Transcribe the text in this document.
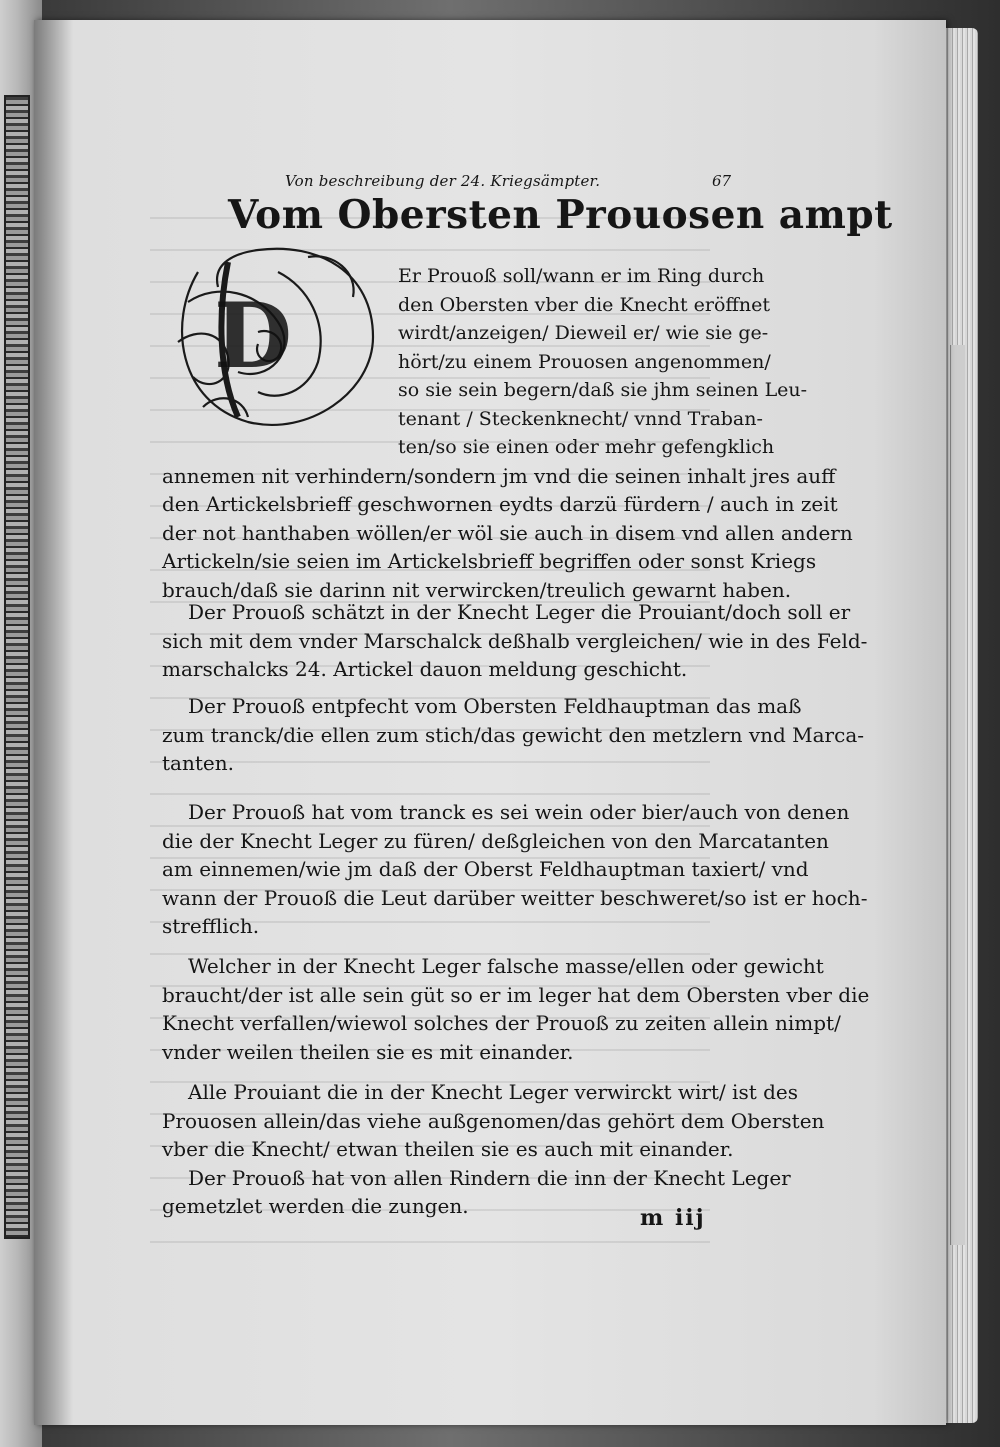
Von beschreibung der 24. Kriegsämpter.	67
Vom Obersten Prouosen ampt
D
Er Prouoß soll/wann er im Ring durch
den Obersten vber die Knecht eröffnet
wirdt/anzeigen/ Dieweil er/ wie sie ge-
hört/zu einem Prouosen angenommen/
so sie sein begern/daß sie jhm seinen Leu-
tenant / Steckenknecht/ vnnd Traban-
ten/so sie einen oder mehr gefengklich
annemen nit verhindern/sondern jm vnd die seinen inhalt jres auff
den Artickelsbrieff geschwornen eydts darzü fürdern / auch in zeit
der not hanthaben wöllen/er wöl sie auch in disem vnd allen andern
Artickeln/sie seien im Artickelsbrieff begriffen oder sonst Kriegs
brauch/daß sie darinn nit verwircken/treulich gewarnt haben.
Der Prouoß schätzt in der Knecht Leger die Prouiant/doch soll er
sich mit dem vnder Marschalck deßhalb vergleichen/ wie in des Feld-
marschalcks 24. Artickel dauon meldung geschicht.
Der Prouoß entpfecht vom Obersten Feldhauptman das maß
zum tranck/die ellen zum stich/das gewicht den metzlern vnd Marca-
tanten.
Der Prouoß hat vom tranck es sei wein oder bier/auch von denen
die der Knecht Leger zu füren/ deßgleichen von den Marcatanten
am einnemen/wie jm daß der Oberst Feldhauptman taxiert/ vnd
wann der Prouoß die Leut darüber weitter beschweret/so ist er hoch-
strefflich.
Welcher in der Knecht Leger falsche masse/ellen oder gewicht
braucht/der ist alle sein güt so er im leger hat dem Obersten vber die
Knecht verfallen/wiewol solches der Prouoß zu zeiten allein nimpt/
vnder weilen theilen sie es mit einander.
Alle Prouiant die in der Knecht Leger verwirckt wirt/ ist des
Prouosen allein/das viehe außgenomen/das gehört dem Obersten
vber die Knecht/ etwan theilen sie es auch mit einander.
Der Prouoß hat von allen Rindern die inn der Knecht Leger
gemetzlet werden die zungen.	m iij
